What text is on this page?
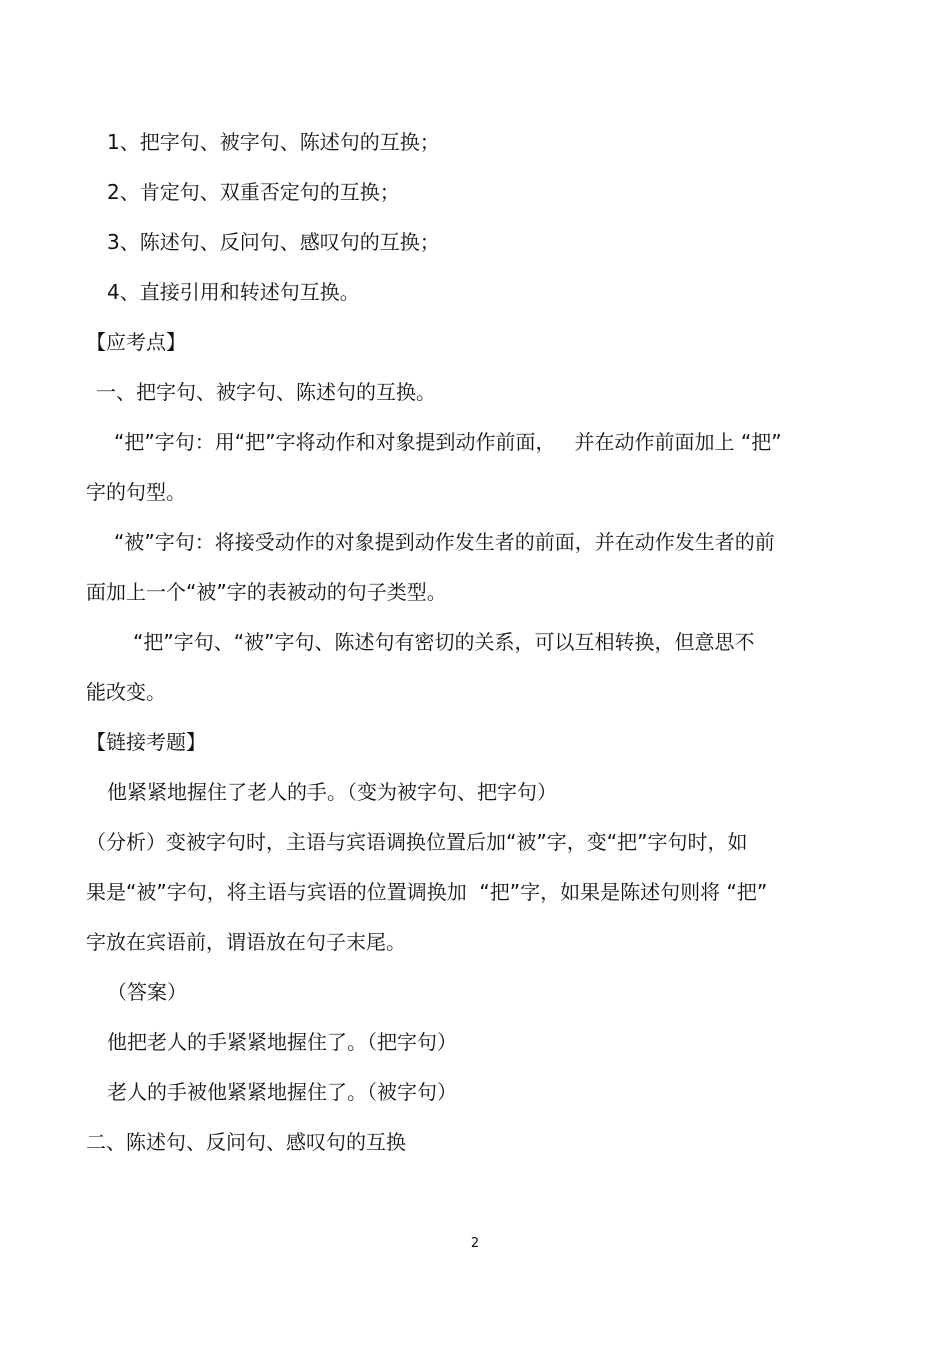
1、把字句、被字句、陈述句的互换；
2、肯定句、双重否定句的互换；
3、陈述句、反问句、感叹句的互换；
4、直接引用和转述句互换。
【应考点】
一、把字句、被字句、陈述句的互换。
“把”字句：用“把”字将动作和对象提到动作前面，   并在动作前面加上 “把”
字的句型。
“被”字句：将接受动作的对象提到动作发生者的前面，并在动作发生者的前
面加上一个“被”字的表被动的句子类型。
“把”字句、“被”字句、陈述句有密切的关系，可以互相转换，但意思不
能改变。
【链接考题】
他紧紧地握住了老人的手。（变为被字句、把字句）
（分析）变被字句时，主语与宾语调换位置后加“被”字，变“把”字句时，如
果是“被”字句，将主语与宾语的位置调换加  “把”字，如果是陈述句则将 “把”
字放在宾语前，谓语放在句子末尾。
（答案）
他把老人的手紧紧地握住了。（把字句）
老人的手被他紧紧地握住了。（被字句）
二、陈述句、反问句、感叹句的互换
2
